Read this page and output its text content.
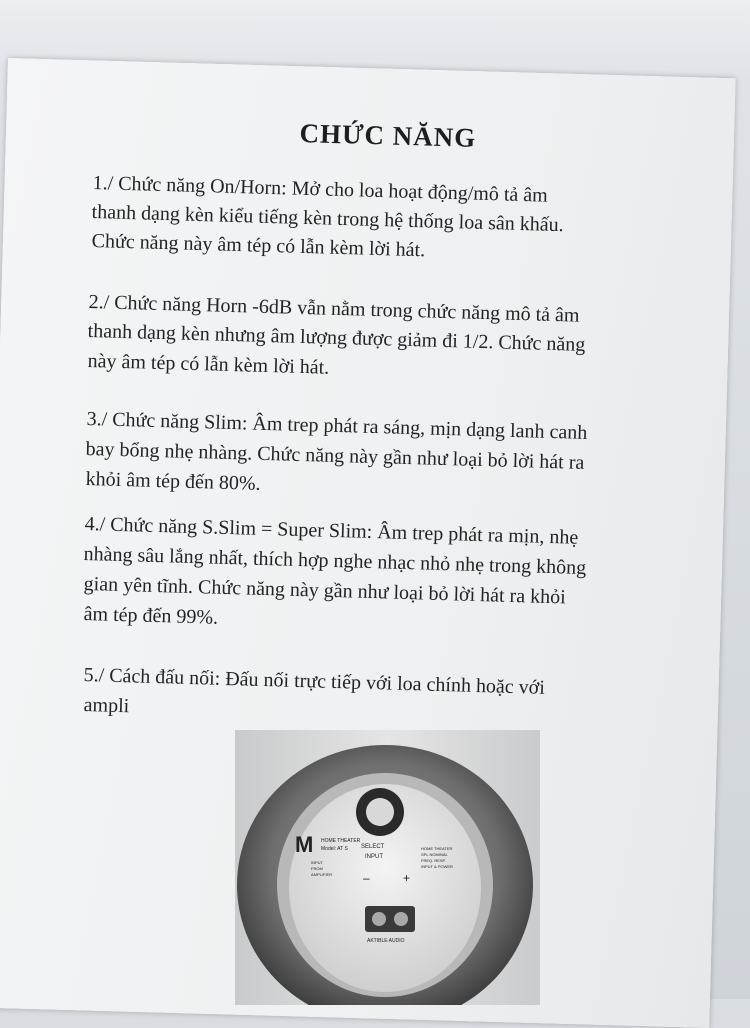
CHỨC NĂNG
1./ Chức năng On/Horn: Mở cho loa hoạt động/mô tả âm
thanh dạng kèn kiểu tiếng kèn trong hệ thống loa sân khấu.
Chức năng này âm tép có lẫn kèm lời hát.
2./ Chức năng Horn -6dB vẫn nằm trong chức năng mô tả âm
thanh dạng kèn nhưng âm lượng được giảm đi 1/2. Chức năng
này âm tép có lẫn kèm lời hát.
3./ Chức năng Slim: Âm trep phát ra sáng, mịn dạng lanh canh
bay bổng nhẹ nhàng. Chức năng này gần như loại bỏ lời hát ra
khỏi âm tép đến 80%.
4./ Chức năng S.Slim = Super Slim: Âm trep phát ra mịn, nhẹ
nhàng sâu lắng nhất, thích hợp nghe nhạc nhỏ nhẹ trong không
gian yên tĩnh. Chức năng này gần như loại bỏ lời hát ra khỏi
âm tép đến 99%.
5./ Cách đấu nối: Đấu nối trực tiếp với loa chính hoặc với
ampli
M HOME THEATER
Model: AT S SELECT
INPUT
–	+
INPUT
FROM
AMPLIFIER
HOME THEATER
SPL NOMINAL
FREQ. RESP.
INPUT & POWER
AKTIBLE AUDIO
